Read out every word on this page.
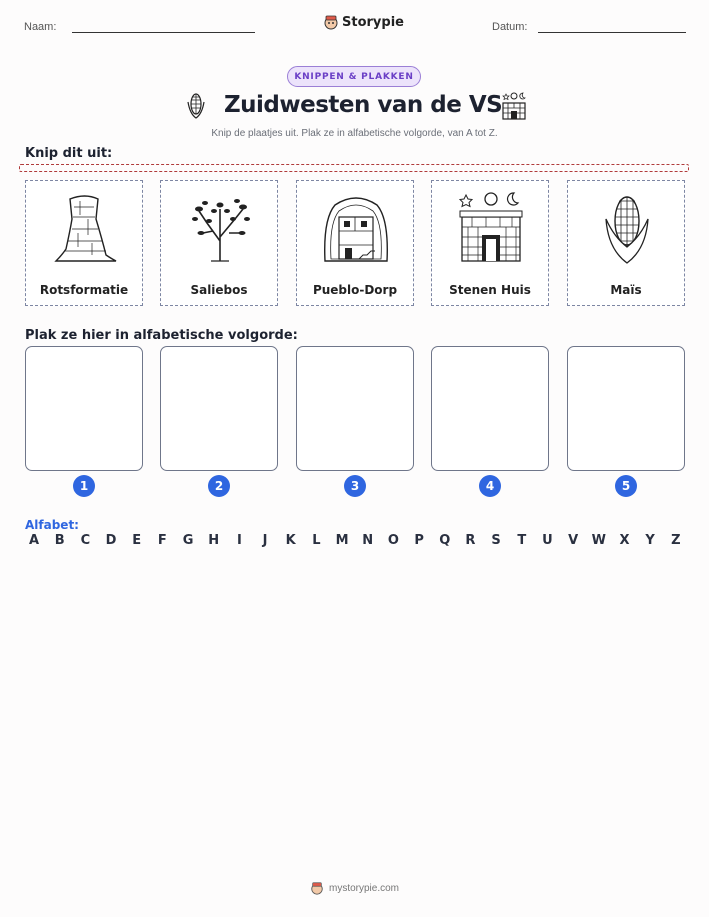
Naam:	Storypie	Datum:
KNIPPEN & PLAKKEN
Zuidwesten van de VS
Knip de plaatjes uit. Plak ze in alfabetische volgorde, van A tot Z.
Knip dit uit:
Rotsformatie	Saliebos	Pueblo-Dorp	Stenen Huis	Maïs
Plak ze hier in alfabetische volgorde:
1	2	3	4	5
Alfabet:
A	B	C	D	E	F	G H	I	J	K	L	M N O	P	Q	R	S	T	U	V	W	X	Y	Z
mystorypie.com
